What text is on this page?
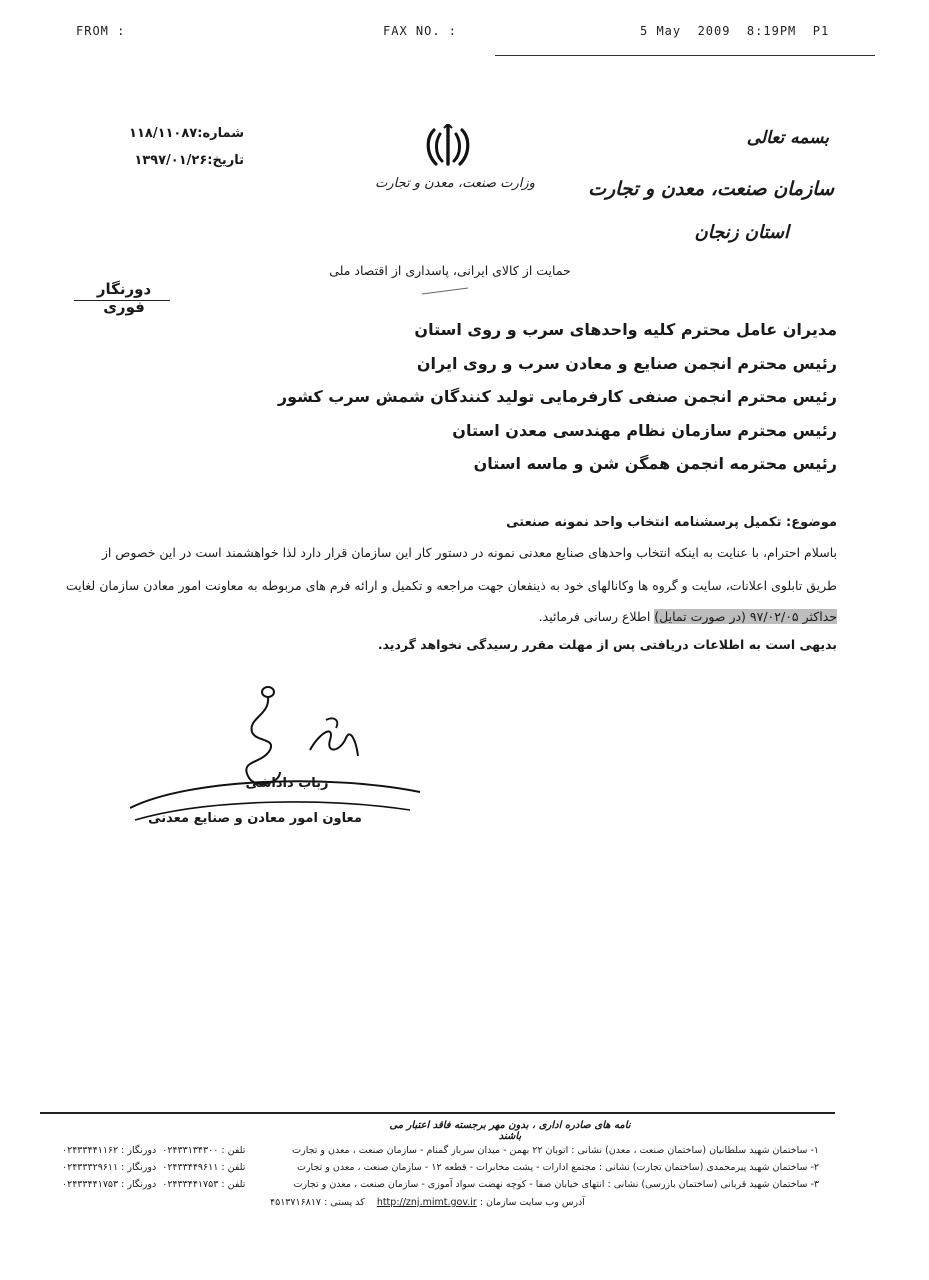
FROM :	FAX NO. :	5 May  2009  8:19PM  P1
شماره:۱۱۸/۱۱۰۸۷
تاریخ:۱۳۹۷/۰۱/۲۶
وزارت صنعت، معدن و تجارت
بسمه تعالی
سازمان صنعت، معدن و تجارت
استان زنجان
حمایت از کالای ایرانی، پاسداری از اقتصاد ملی
دورنگار فوری
مدیران عامل محترم کلیه واحدهای سرب و روی استان
رئیس محترم انجمن صنایع و معادن سرب و روی ایران
رئیس محترم انجمن صنفی کارفرمایی تولید کنندگان شمش سرب کشور
رئیس محترم سازمان نظام مهندسی معدن استان
رئیس محترمه انجمن همگن شن و ماسه استان
موضوع: تکمیل پرسشنامه انتخاب واحد نمونه صنعتی
باسلام احترام، با عنایت به اینکه انتخاب واحدهای صنایع معدنی نمونه در دستور کار این سازمان قرار دارد لذا خواهشمند است در این خصوص از
طریق تابلوی اعلانات، سایت و گروه ها وکانالهای خود به ذینفعان جهت مراجعه و تکمیل و ارائه فرم های مربوطه به معاونت امور معادن سازمان لغایت
حداکثر ۹۷/۰۲/۰۵ (در صورت تمایل) اطلاع رسانی فرمائید.
بدیهی است به اطلاعات دریافتی پس از مهلت مقرر رسیدگی نخواهد گردید.
رباب داداشی
معاون امور معادن و صنایع معدنی
نامه های صادره اداری ، بدون مهر برجسته فاقد اعتبار می باشند
۱- ساختمان شهید سلطانیان (ساختمان صنعت ، معدن) نشانی : اتوبان ۲۲ بهمن - میدان سرباز گمنام - سازمان صنعت ، معدن و تجارت
تلفن : ۰۲۴۳۳۱۳۴۳۰۰  دورنگار : ۰۲۴۳۳۴۴۱۱۶۲
۲- ساختمان شهید پیرمحمدی (ساختمان تجارت) نشانی : مجتمع ادارات - پشت مخابرات - قطعه ۱۲ - سازمان صنعت ، معدن و تجارت
تلفن : ۰۲۴۳۳۴۴۹۶۱۱  دورنگار : ۰۲۴۳۳۳۲۹۶۱۱
۳- ساختمان شهید قربانی (ساختمان بازرسی) نشانی : انتهای خیابان صفا - کوچه نهضت سواد آموزی - سازمان صنعت ، معدن و تجارت
تلفن : ۰۲۴۳۳۴۴۱۷۵۳  دورنگار : ۰۲۴۳۳۴۴۱۷۵۳
آدرس وب سایت سازمان : http://znj.mimt.gov.ir    کد پستی : ۴۵۱۳۷۱۶۸۱۷
